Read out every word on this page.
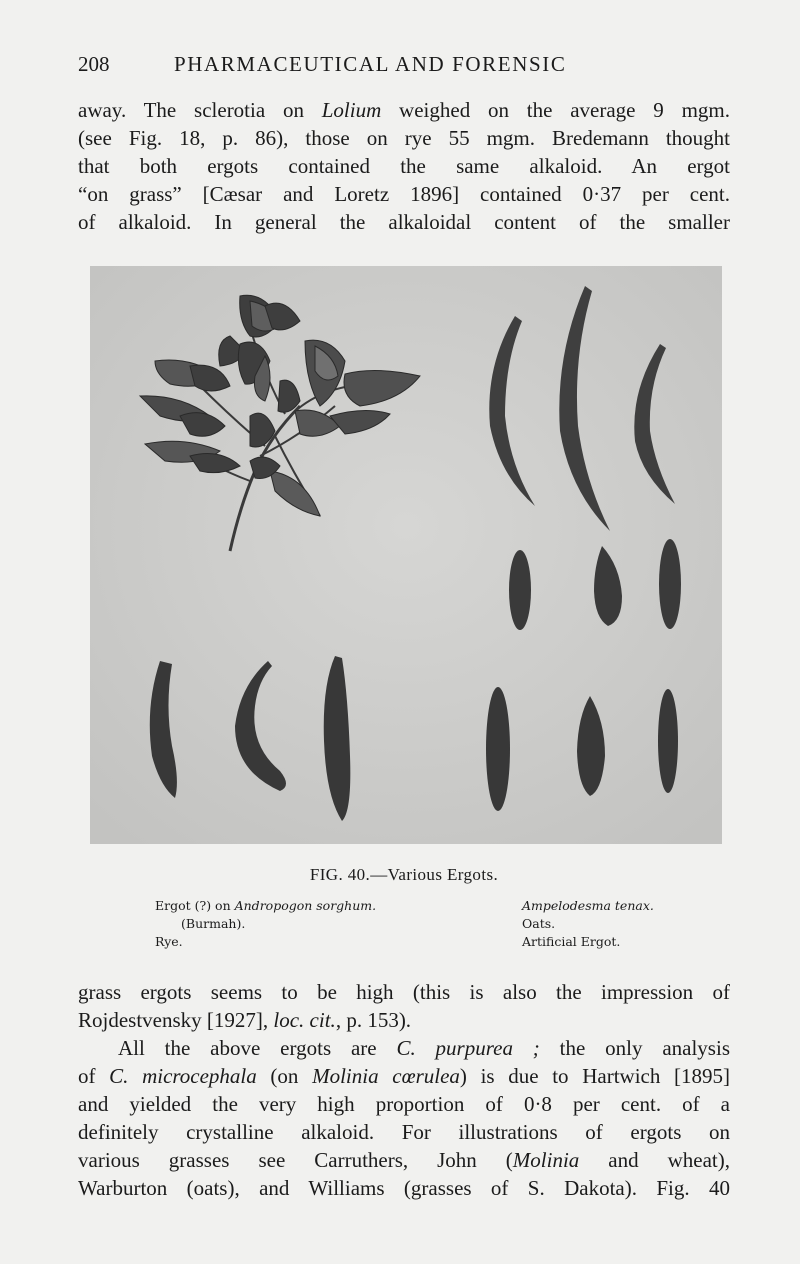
208	PHARMACEUTICAL AND FORENSIC
away. The sclerotia on Lolium weighed on the average 9 mgm.
(see Fig. 18, p. 86), those on rye 55 mgm. Bredemann thought
that both ergots contained the same alkaloid. An ergot
“on grass” [Cæsar and Loretz 1896] contained 0·37 per cent.
of alkaloid. In general the alkaloidal content of the smaller
FIG. 40.—Various Ergots.
Ergot (?) on Andropogon sorghum.
(Burmah).
Rye.
Ampelodesma tenax.
Oats.
Artificial Ergot.
grass ergots seems to be high (this is also the impression of
Rojdestvensky [1927], loc. cit., p. 153).
All the above ergots are C. purpurea ; the only analysis
of C. microcephala (on Molinia cœrulea) is due to Hartwich [1895]
and yielded the very high proportion of 0·8 per cent. of a
definitely crystalline alkaloid. For illustrations of ergots on
various grasses see Carruthers, John (Molinia and wheat),
Warburton (oats), and Williams (grasses of S. Dakota). Fig. 40
